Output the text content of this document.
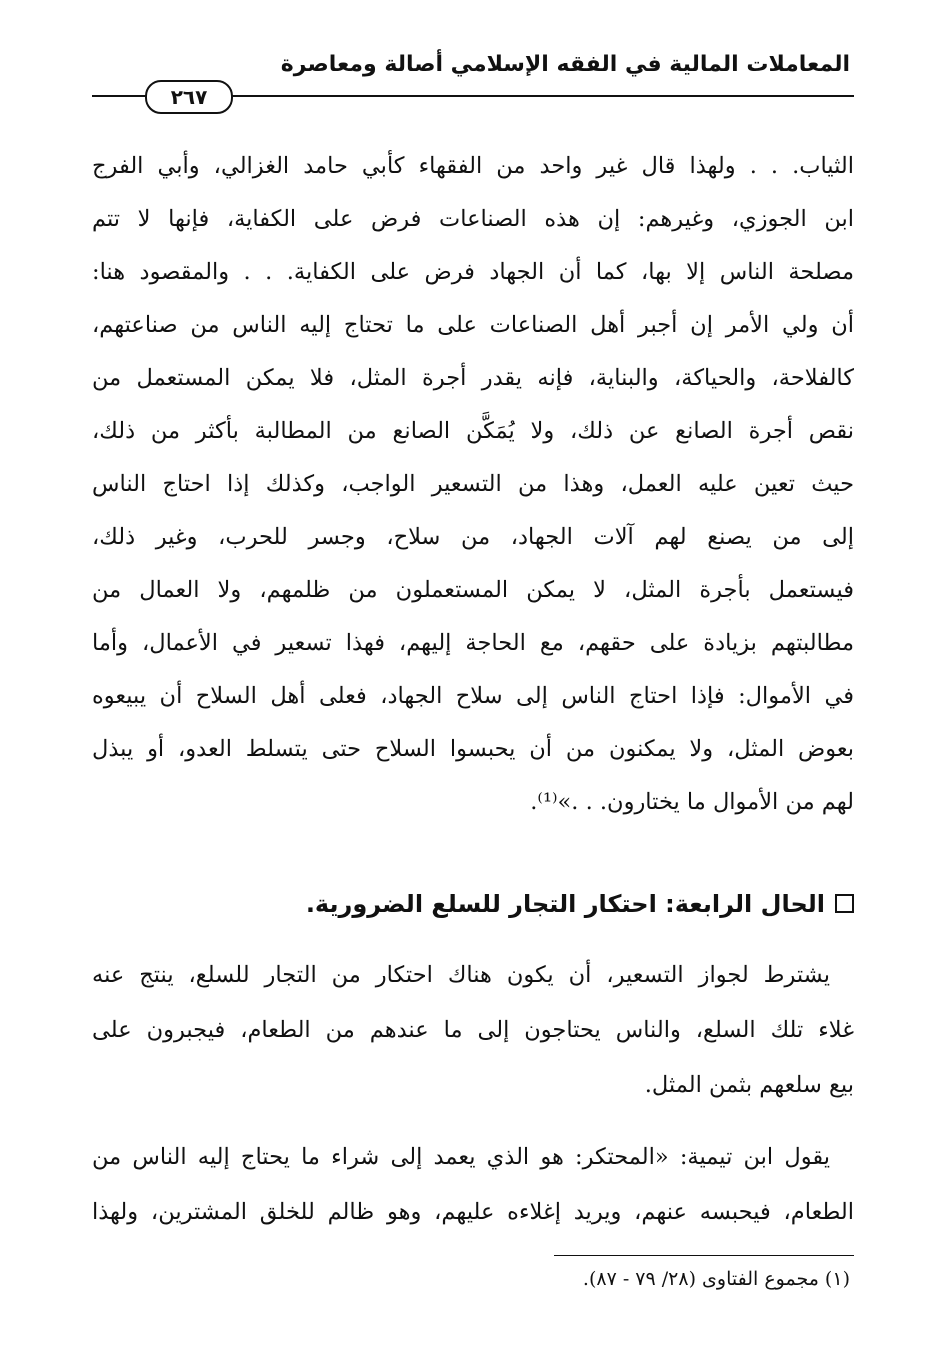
المعاملات المالية في الفقه الإسلامي أصالة ومعاصرة
٢٦٧
الثياب. . . ولهذا قال غير واحد من الفقهاء كأبي حامد الغزالي، وأبي الفرج
ابن الجوزي، وغيرهم: إن هذه الصناعات فرض على الكفاية، فإنها لا تتم
مصلحة الناس إلا بها، كما أن الجهاد فرض على الكفاية. . . والمقصود هنا:
أن ولي الأمر إن أجبر أهل الصناعات على ما تحتاج إليه الناس من صناعتهم،
كالفلاحة، والحياكة، والبناية، فإنه يقدر أجرة المثل، فلا يمكن المستعمل من
نقص أجرة الصانع عن ذلك، ولا يُمَكَّن الصانع من المطالبة بأكثر من ذلك،
حيث تعين عليه العمل، وهذا من التسعير الواجب، وكذلك إذا احتاج الناس
إلى من يصنع لهم آلات الجهاد، من سلاح، وجسر للحرب، وغير ذلك،
فيستعمل بأجرة المثل، لا يمكن المستعملون من ظلمهم، ولا العمال من
مطالبتهم بزيادة على حقهم، مع الحاجة إليهم، فهذا تسعير في الأعمال، وأما
في الأموال: فإذا احتاج الناس إلى سلاح الجهاد، فعلى أهل السلاح أن يبيعوه
بعوض المثل، ولا يمكنون من أن يحبسوا السلاح حتى يتسلط العدو، أو يبذل
لهم من الأموال ما يختارون. . .»⁽¹⁾.
الحال الرابعة: احتكار التجار للسلع الضرورية.
يشترط لجواز التسعير، أن يكون هناك احتكار من التجار للسلع، ينتج عنه
غلاء تلك السلع، والناس يحتاجون إلى ما عندهم من الطعام، فيجبرون على
بيع سلعهم بثمن المثل.
يقول ابن تيمية: «المحتكر: هو الذي يعمد إلى شراء ما يحتاج إليه الناس من
الطعام، فيحبسه عنهم، ويريد إغلاءه عليهم، وهو ظالم للخلق المشترين، ولهذا
(١) مجموع الفتاوى (٢٨/ ٧٩ - ٨٧).
